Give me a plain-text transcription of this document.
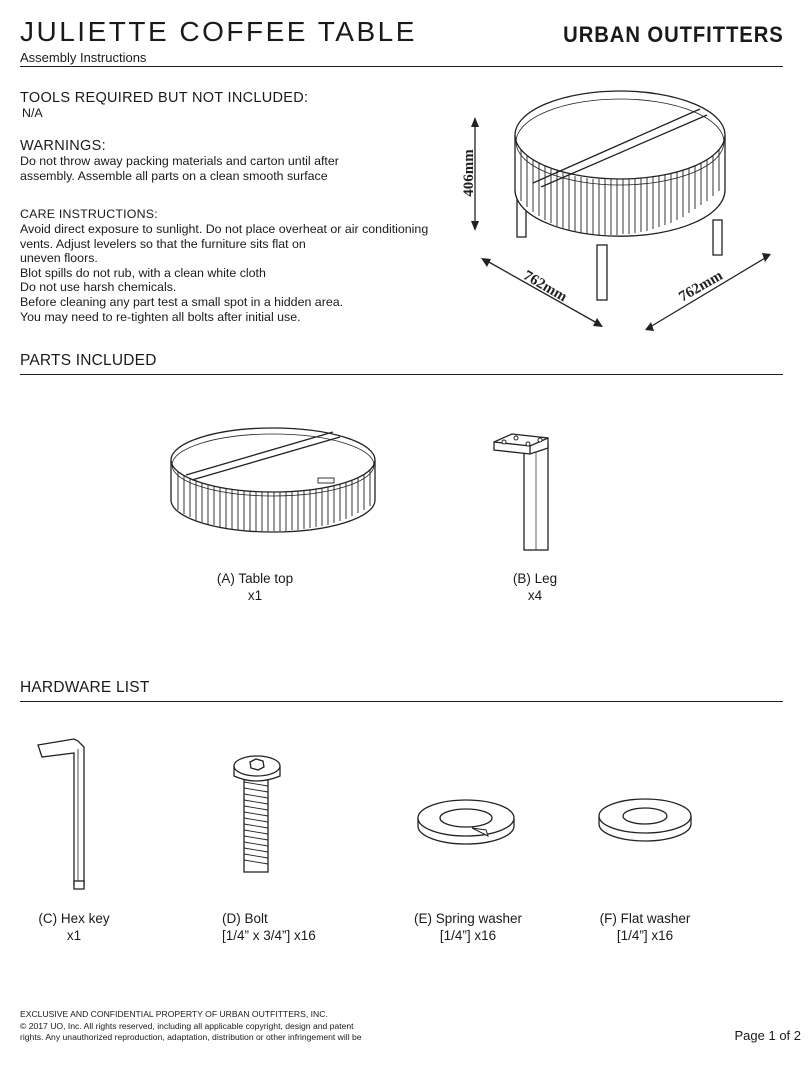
JULIETTE COFFEE TABLE	URBAN OUTFITTERS
Assembly Instructions
TOOLS REQUIRED BUT NOT INCLUDED:
N/A
WARNINGS:
Do not throw away packing materials and carton until after
assembly. Assemble all parts on a clean smooth surface
CARE INSTRUCTIONS:
Avoid direct exposure to sunlight. Do not place overheat or air conditioning
vents. Adjust levelers so that the furniture sits flat on
uneven floors.
Blot spills do not rub, with a clean white cloth
Do not use harsh chemicals.
Before cleaning any part test a small spot in a hidden area.
You may need to re-tighten all bolts after initial use.
406mm
762mm	762mm
PARTS INCLUDED
(A) Table top
x1
(B) Leg
x4
HARDWARE LIST
(C) Hex key
x1
(D) Bolt
[1/4” x 3/4”] x16
(E) Spring washer
[1/4”] x16
(F) Flat washer
[1/4”] x16
EXCLUSIVE AND CONFIDENTIAL PROPERTY OF URBAN OUTFITTERS, INC.
© 2017 UO, Inc. All rights reserved, including all applicable copyright, design and patent
rights. Any unauthorized reproduction, adaptation, distribution or other infringement will be	Page 1 of 2
